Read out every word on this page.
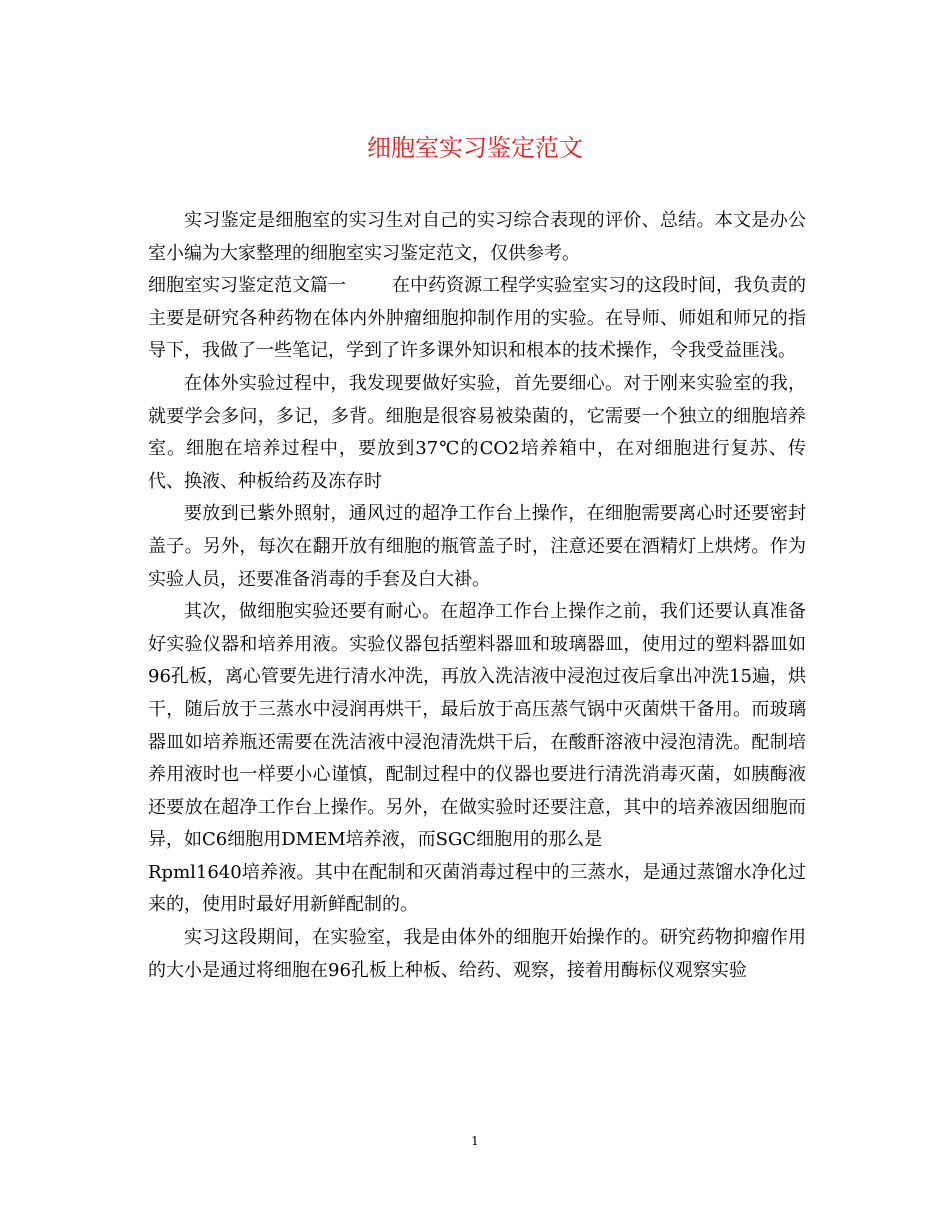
细胞室实习鉴定范文

实习鉴定是细胞室的实习生对自己的实习综合表现的评价、总结。本文是办公室小编为大家整理的细胞室实习鉴定范文，仅供参考。

细胞室实习鉴定范文篇一	在中药资源工程学实验室实习的这段时间，我负责的主要是研究各种药物在体内外肿瘤细胞抑制作用的实验。在导师、师姐和师兄的指导下，我做了一些笔记，学到了许多课外知识和根本的技术操作，令我受益匪浅。

在体外实验过程中，我发现要做好实验，首先要细心。对于刚来实验室的我，就要学会多问，多记，多背。细胞是很容易被染菌的，它需要一个独立的细胞培养室。细胞在培养过程中，要放到37℃的CO2培养箱中，在对细胞进行复苏、传代、换液、种板给药及冻存时

要放到已紫外照射，通风过的超净工作台上操作，在细胞需要离心时还要密封盖子。另外，每次在翻开放有细胞的瓶管盖子时，注意还要在酒精灯上烘烤。作为实验人员，还要准备消毒的手套及白大褂。

其次，做细胞实验还要有耐心。在超净工作台上操作之前，我们还要认真准备好实验仪器和培养用液。实验仪器包括塑料器皿和玻璃器皿，使用过的塑料器皿如96孔板，离心管要先进行清水冲洗，再放入洗洁液中浸泡过夜后拿出冲洗15遍，烘干，随后放于三蒸水中浸润再烘干，最后放于高压蒸气锅中灭菌烘干备用。而玻璃器皿如培养瓶还需要在洗洁液中浸泡清洗烘干后，在酸酐溶液中浸泡清洗。配制培养用液时也一样要小心谨慎，配制过程中的仪器也要进行清洗消毒灭菌，如胰酶液还要放在超净工作台上操作。另外，在做实验时还要注意，其中的培养液因细胞而异，如C6细胞用DMEM培养液，而SGC细胞用的那么是

Rpml1640培养液。其中在配制和灭菌消毒过程中的三蒸水，是通过蒸馏水净化过来的，使用时最好用新鲜配制的。

实习这段期间，在实验室，我是由体外的细胞开始操作的。研究药物抑瘤作用的大小是通过将细胞在96孔板上种板、给药、观察，接着用酶标仪观察实验

1
